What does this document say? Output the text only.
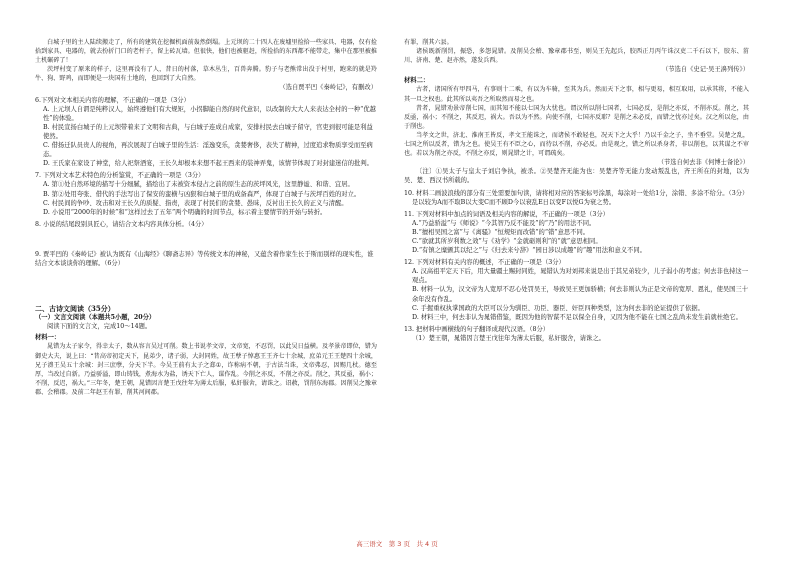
白城子里的主人陆续搬走了，所有的建筑在挖掘机面前轰然倒塌。上元坝的二十四人在废墟里捡拾一些家具、电器，仅有捡拾到家具、电器的，就去扮折门口的老杆子，留上砖瓦墙。但很快，他们也被驱赶，所捡拾的东西都不能带走，集中在那里被推土机碾碎了！
茨坪村变了原来的样子，这里再没有了人，昔日的村落，草木丛生，百兽奔腾。豹子与老熊常出没于村里，跑来的就是羚牛、狗、野鸡，而即便是一块国有土地的，也回到了大自然。
（选自贾平凹《秦岭记》，有删改）
6.下列对文本相关内容的理解，不正确的一项是（3分）
A. 上元坝人自谓是纯粹汉人，始终遵他们有大规矩，小拐脚能自然的时代意识，以改制的大大人来表达全村的一种“优越性”的体验。
B. 村民宣扬白城子的上元坝带着来了文明和古典，与白城子连成自成家，安排村民去白城子留守，官吏到很可能是利益使然。
C. 借扬迁队员贵人的视角，再次展现了白城子里的生活：淫逸变乐，贪婪奢侈，表失了精神，过度追求物质享受而至病态。
D. 王氏家在家设了神堂，给人祀祭酒宴，王长久却根本来想不起王西来的装神弄鬼，该情节体现了对封建迷信的批判。
7. 下列对文本艺术特色的分析鉴赏，不正确的一项是（3分）
A. 第①处自然环境的描写十分细腻，描绘出了未被资本侵占之前的原生态的茨坪风光，这里静谧、和谐、宜居。
B. 第②处用夸张、借代的手法写出了保安的蛮横与凶狠和白城子里的成备森严，体现了白城子与茨坪百姓的对立。
C. 村民间的争吵、攻击和对王长久的质疑、指责，表现了村民们的贪婪、愚昧，反衬出王长久的正义与清醒。
D. 小说用“2000年的时候”和“这样过去了五年”两个明确的时间节点，标示着主要情节的开始与转折。
8. 小说的结尾段别具匠心，请结合文本内容具体分析。（4分）
9. 贾平凹的《秦岭记》被认为既有《山海经》《聊斋志异》等传统文本的神秘，又蕴含着作家生长于斯而别样的现实性，谁结合文本谈谈你的理解。（6分）
二、古诗文阅读（35分）
（一）文言文阅读（本题共5小题，20分）
阅读下面的文言文，完成10～14题。
材料一：
晁错为太子家令，得幸太子，数从容言吴过可削。数上书说孝文帝，文帝宽，不忍罚，以此吴日益横。及孝景帝即位，错为御史大夫，说上曰：“昔高帝初定天下，昆弟少，诸子弱，大封同姓，故王孽子悼惠王王齐七十余城，庶弟元王王楚四十余城，兄子濞王吴五十余城：封三庶孽，分天下半。今吴王前有太子之郄①，诈称病不朝，于古法当诛，文帝弗忍，因赐几杖。德至厚，当改过自新。乃益骄溢，即山铸钱，煮海水为盐，诱天下亡人，谋作乱。今削之亦反，不削之亦反。削之，其反亟，祸小；不削，反迟，祸大。”三年冬，楚王朝，晁错因言楚王戊往年为薄太后服，私奸服舍，请诛之。诏赦，罚削东海郡。因削吴之豫章郡、会稽郡。及前二年赵王有罪，削其河间郡。
有罪，削其六县。
诸侯既新削罚，振恐，多怨晁错。及削吴会稽、豫章郡书至，则吴王先起兵，胶西正月丙午诛汉吏二千石以下，胶东、菑川、济南、楚、赵亦然，遂发兵西。
（节选自《史记·吴王濞列传》）
材料二：
古者，诸国所有甲四马，有事则十二乘，有以为车骑，至其为兵。然而天下之事，相与更易，相互取用，以承其将，不能入其一旦之权也。此其所以夷吾之所取然而易之也。
昔者，晁错劝景帝削七国，而其知不能以七国为大忧也。谓汉所以削七国者，七国必反，是削之亦反，不削亦反。削之，其反亟，祸小；不削之，其反迟，祸大。吾以为不然。向使不削，七国亦反耶？是削之未必反，而错之忧亦过矣。汉之所以危，由于削也。
当孝文之世，济北、淮南王皆反，孝文王能诛之，而诸侯不敢轻也，况天下之大乎！乃以千金之子，坐不垂堂。吴楚之乱，七国之所以反者，错为之也。使吴王有不臣之心，而待以不削，亦必反。由是观之，错之所以杀身者，非以削也，以其谋之不审也。若以为削之亦反，不削之亦反，则晁错之计，可谓疏矣。
（节选自何去非《何博士备论》）
〔注〕①吴太子与皇太子刘启争执，被杀。②吴楚齐无能为也：吴楚齐等无能力发动叛乱也，齐王所在的封地，以为吴、楚、西汉书所载的。
10. 材料二画波浪线的部分有三处需要加句读，请将相对应的答案标号涂黑，每涂对一处给1分，涂错、多涂不给分。（3分）
是以较为A而不取B以大变C而不顾D今以衰乱E日以变F以悦G为衰之势。
11. 下列对材料中加点的词语及相关内容的解说，不正确的一项是（3分）
A.“乃益骄溢”与《师说》“今其智乃反不能及”的“乃”的用法不同。
B.“擅相吴国之富”与《离骚》“恒规矩而改错”的“错”意思不同。
C.“欲就其所岁利数之效”与《劝学》“金就砺则利”的“就”意思相同。
D.“有镇之糜颤其以纪之”与《归去来兮辞》“园日涉以成趣”的“趣”用法和意义不同。
12. 下列对材料有关内容的概述，不正确的一项是（3分）
A. 汉高祖平定天下后，用大量疆土赐封同姓，晁错认为对刘邦来说是出于其兄弟较少，儿子弱小的考虑；何去非也持这一观点。
B. 材料一认为，汉文帝为人宽厚不忍心处罚吴王，导致吴王更加骄横；何去非则认为正是文帝的宽厚、恩礼，使吴国三十余年没有作乱。
C. 手握重权执掌国政的大臣可以分为驯臣、功臣、器臣、奸臣四种类型，这为何去非的论证提供了依据。
D. 材料三中，何去非认为晁错借鉴，既因为他的智谋不足以保全自身，又因为他不能在七国之乱尚未发生前就杜绝它。
13. 把材料中画横线的句子翻译成现代汉语。（8分）
（1）楚王朝，晁错因言楚王戊往年为薄太后服，私奸服舍，请诛之。
高三语文　第 3 页　共 4 页
